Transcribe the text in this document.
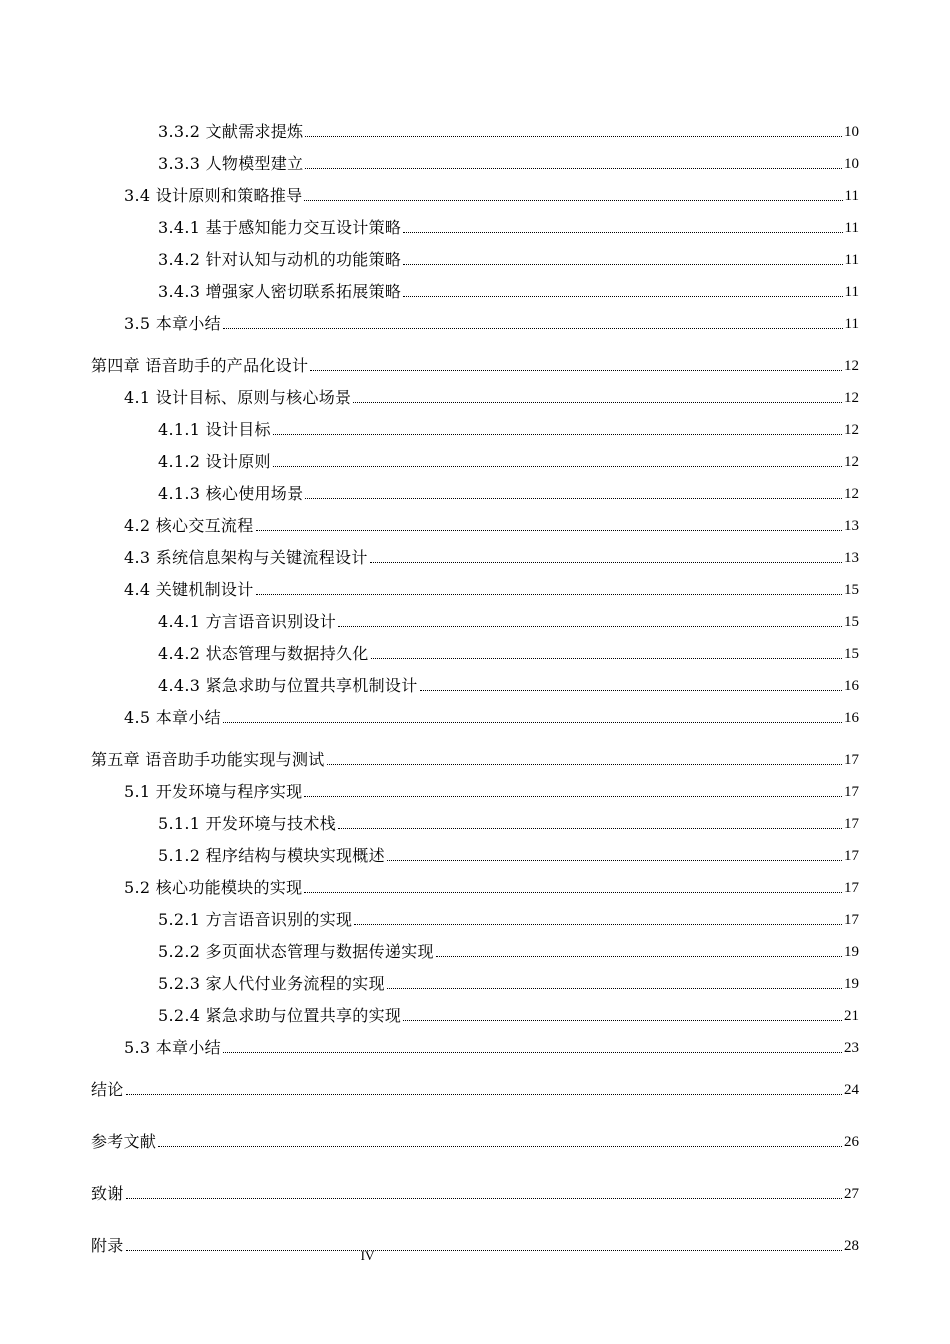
3.3.2 文献需求提炼	10
3.3.3 人物模型建立	10
3.4 设计原则和策略推导	11
3.4.1 基于感知能力交互设计策略	11
3.4.2 针对认知与动机的功能策略	11
3.4.3 增强家人密切联系拓展策略	11
3.5 本章小结	11
第四章 语音助手的产品化设计	12
4.1 设计目标、原则与核心场景	12
4.1.1 设计目标	12
4.1.2 设计原则	12
4.1.3 核心使用场景	12
4.2 核心交互流程	13
4.3 系统信息架构与关键流程设计	13
4.4 关键机制设计	15
4.4.1 方言语音识别设计	15
4.4.2 状态管理与数据持久化	15
4.4.3 紧急求助与位置共享机制设计	16
4.5 本章小结	16
第五章 语音助手功能实现与测试	17
5.1 开发环境与程序实现	17
5.1.1 开发环境与技术栈	17
5.1.2 程序结构与模块实现概述	17
5.2 核心功能模块的实现	17
5.2.1 方言语音识别的实现	17
5.2.2 多页面状态管理与数据传递实现	19
5.2.3 家人代付业务流程的实现	19
5.2.4 紧急求助与位置共享的实现	21
5.3 本章小结	23
结论	24
参考文献	26
致谢	27
附录	28
IV
